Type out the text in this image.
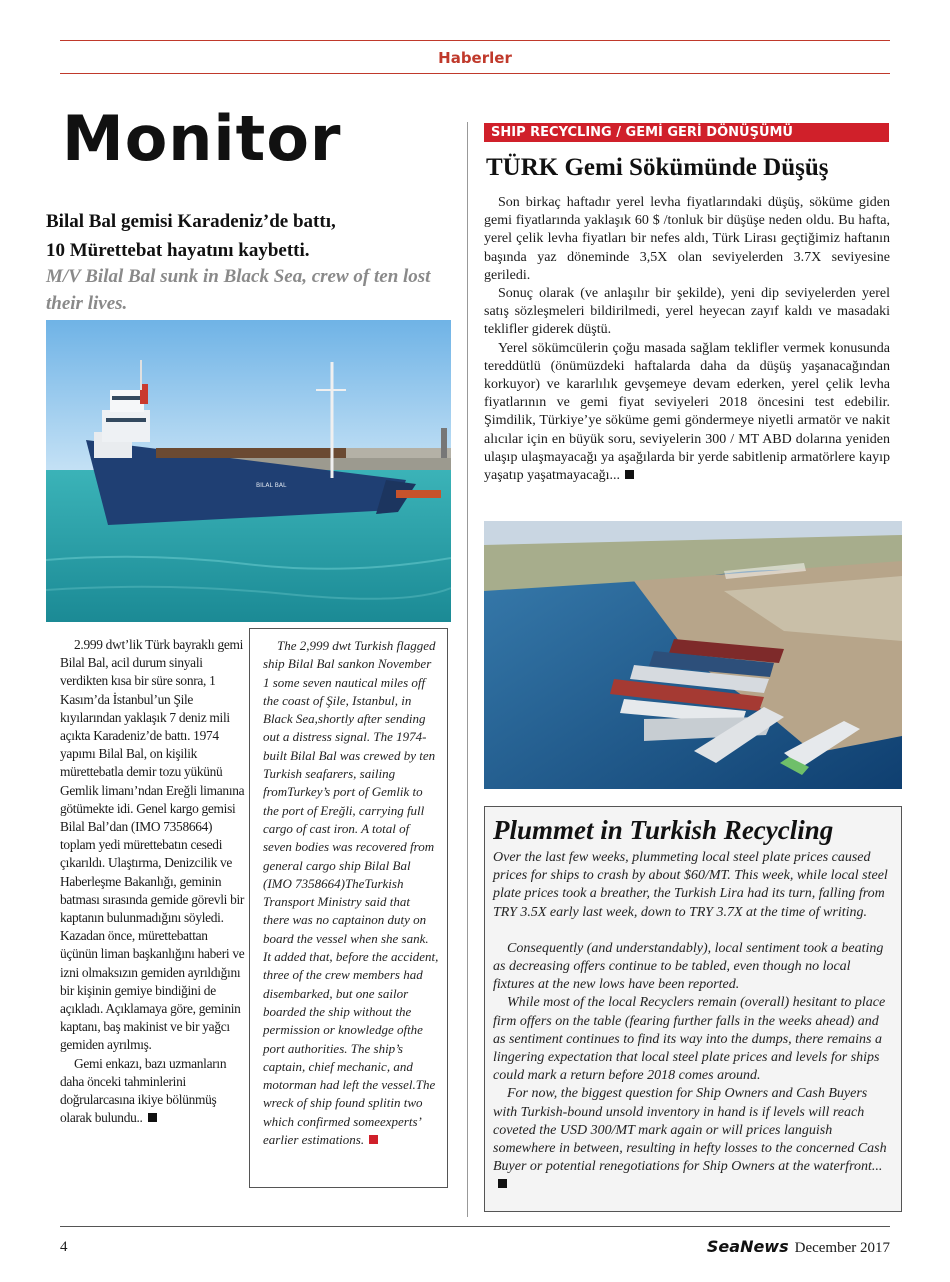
Haberler
Monitor
Bilal Bal gemisi Karadeniz’de battı,
10 Mürettebat hayatını kaybetti.
M/V Bilal Bal sunk in Black Sea, crew of ten lost their lives.
BILAL BAL

2.999 dwt’lik Türk bayraklı gemi Bilal Bal, acil durum sinyali verdikten kısa bir süre sonra, 1 Kasım’da İstanbul’un Şile kıyılarından yaklaşık 7 deniz mili açıkta Karadeniz’de battı. 1974 yapımı Bilal Bal, on kişilik mürettebatla demir tozu yükünü Gemlik limanı’ndan Ereğli limanına götümekte idi. Genel kargo gemisi Bilal Bal’dan (IMO 7358664) toplam yedi mürettebatın cesedi çıkarıldı. Ulaştırma, Denizcilik ve Haberleşme Bakanlığı, geminin batması sırasında gemide görevli bir kaptanın bulunmadığını söyledi. Kazadan önce, mürettebattan üçünün liman başkanlığını haberi ve izni olmaksızın gemiden ayrıldığını bir kişinin gemiye bindiğini de açıkladı. Açıklamaya göre, geminin kaptanı, baş makinist ve bir yağcı gemiden ayrılmış.

Gemi enkazı, bazı uzmanların daha önceki tahminlerini doğrularcasına ikiye bölünmüş olarak bulundu..

The 2,999 dwt Turkish flagged ship Bilal Bal sankon November 1 some seven nautical miles off the coast of Şile, Istanbul, in Black Sea,shortly after sending out a distress signal. The 1974-built Bilal Bal was crewed by ten Turkish seafarers, sailing fromTurkey’s port of Gemlik to the port of Ereğli, carrying full cargo of cast iron. A total of seven bodies was recovered from general cargo ship Bilal Bal (IMO 7358664)TheTurkish Transport Ministry said that there was no captainon duty on board the vessel when she sank. It added that, before the accident, three of the crew members had disembarked, but one sailor boarded the ship without the permission or knowledge ofthe port authorities. The ship’s captain, chief mechanic, and motorman had left the vessel.The wreck of ship found splitin two which confirmed someexperts’ earlier estimations.

SHIP RECYCLING / GEMİ GERİ DÖNÜŞÜMÜ
TÜRK Gemi Sökümünde Düşüş

Son birkaç haftadır yerel levha fiyatlarındaki düşüş, söküme giden gemi fiyatlarında yaklaşık 60 $ /tonluk bir düşüşe neden oldu. Bu hafta, yerel çelik levha fiyatları bir nefes aldı, Türk Lirası geçtiğimiz haftanın başında yaz döneminde 3,5X olan seviyelerden 3.7X seviyesine geriledi.

Sonuç olarak (ve anlaşılır bir şekilde), yeni dip seviyelerden yerel satış sözleşmeleri bildirilmedi, yerel heyecan zayıf kaldı ve masadaki teklifler giderek düştü.

Yerel sökümcülerin çoğu masada sağlam teklifler vermek konusunda tereddütlü (önümüzdeki haftalarda daha da düşüş yaşanacağından korkuyor) ve kararlılık gevşemeye devam ederken, yerel çelik levha fiyatlarının ve gemi fiyat seviyeleri 2018 öncesini test edebilir. Şimdilik, Türkiye’ye söküme gemi göndermeye niyetli armatör ve nakit alıcılar için en büyük soru, seviyelerin 300 / MT ABD dolarına yeniden ulaşıp ulaşmayacağı ya aşağılarda bir yerde sabitlenip armatörlere kayıp yaşatıp yaşatmayacağı...

Plummet in Turkish Recycling

Over the last few weeks, plummeting local steel plate prices caused prices for ships to crash by about $60/MT. This week, while local steel plate prices took a breather, the Turkish Lira had its turn, falling from TRY 3.5X early last week, down to TRY 3.7X at the time of writing.

Consequently (and understandably), local sentiment took a beating as decreasing offers continue to be tabled, even though no local fixtures at the new lows have been reported.

While most of the local Recyclers remain (overall) hesitant to place firm offers on the table (fearing further falls in the weeks ahead) and as sentiment continues to find its way into the dumps, there remains a lingering expectation that local steel plate prices and levels for ships could mark a return before 2018 comes around.

For now, the biggest question for Ship Owners and Cash Buyers with Turkish-bound unsold inventory in hand is if levels will reach coveted the USD 300/MT mark again or will prices languish somewhere in between, resulting in hefty losses to the concerned Cash Buyer or potential renegotiations for Ship Owners at the waterfront...

4	SeaNews December 2017
